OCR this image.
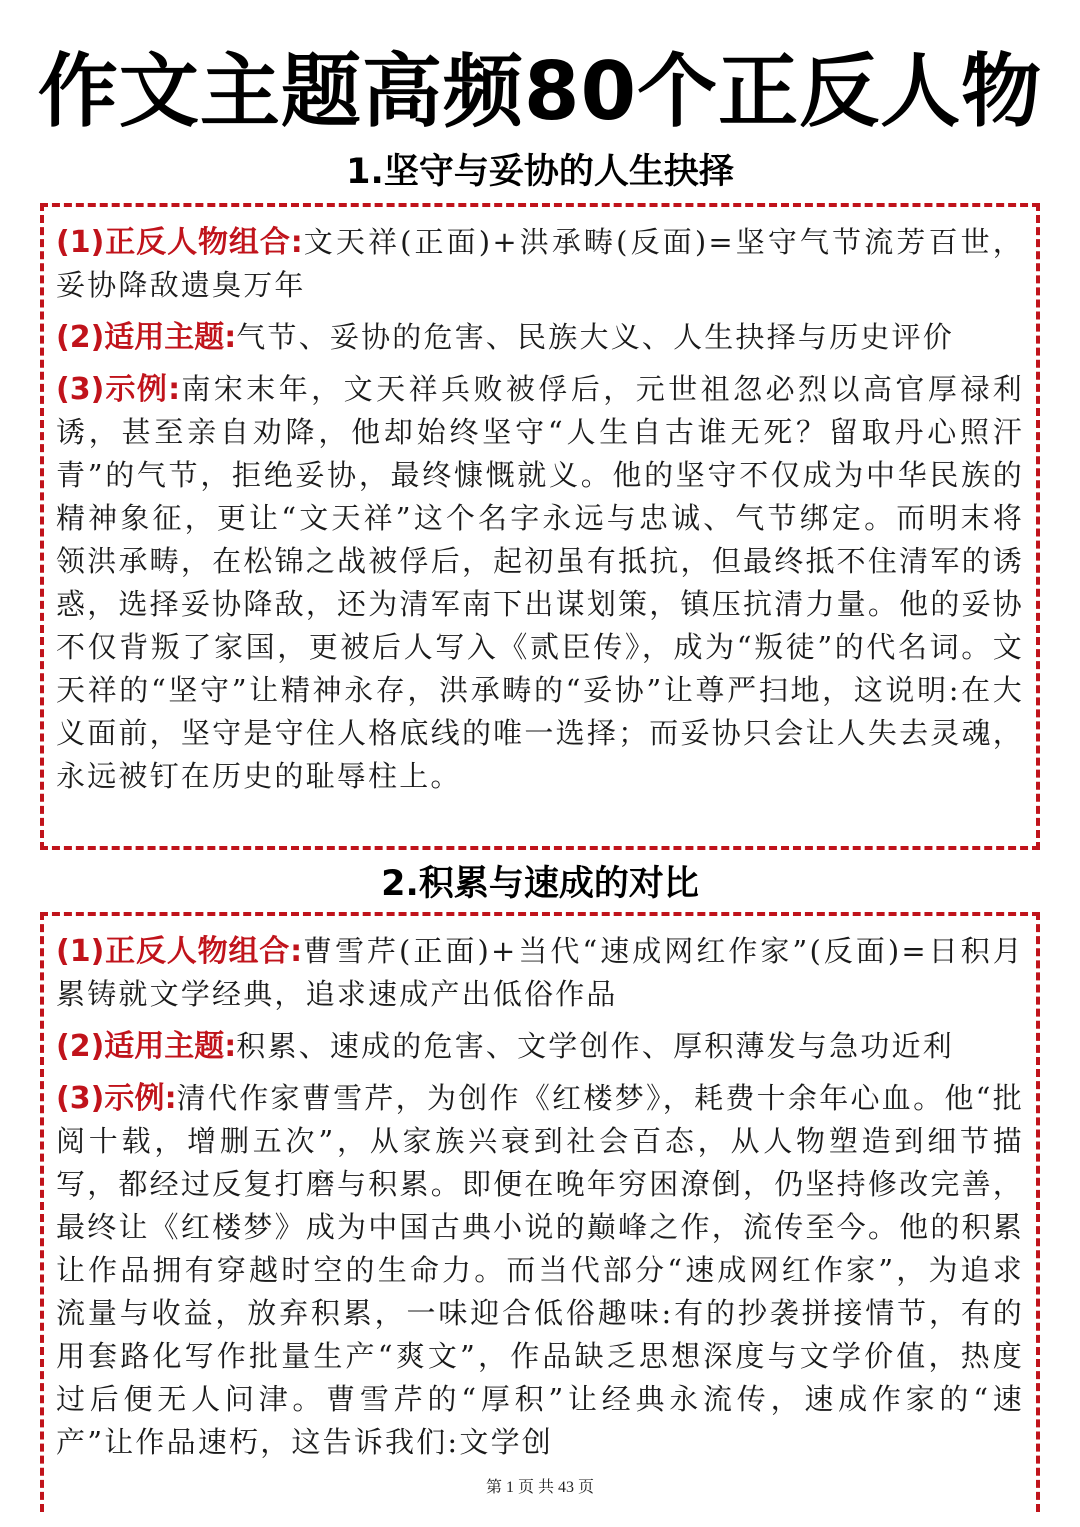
作文主题高频80个正反人物
1.坚守与妥协的人生抉择

(1)正反人物组合:文天祥(正面)+洪承畴(反面)=坚守气节流芳百世，妥协降敌遗臭万年

(2)适用主题:气节、妥协的危害、民族大义、人生抉择与历史评价

(3)示例:南宋末年，文天祥兵败被俘后，元世祖忽必烈以高官厚禄利诱，甚至亲自劝降，他却始终坚守“人生自古谁无死？留取丹心照汗青”的气节，拒绝妥协，最终慷慨就义。他的坚守不仅成为中华民族的精神象征，更让“文天祥”这个名字永远与忠诚、气节绑定。而明末将领洪承畴，在松锦之战被俘后，起初虽有抵抗，但最终抵不住清军的诱惑，选择妥协降敌，还为清军南下出谋划策，镇压抗清力量。他的妥协不仅背叛了家国，更被后人写入《贰臣传》，成为“叛徒”的代名词。文天祥的“坚守”让精神永存，洪承畴的“妥协”让尊严扫地，这说明:在大义面前，坚守是守住人格底线的唯一选择；而妥协只会让人失去灵魂，永远被钉在历史的耻辱柱上。

2.积累与速成的对比

(1)正反人物组合:曹雪芹(正面)+当代“速成网红作家”(反面)=日积月累铸就文学经典，追求速成产出低俗作品

(2)适用主题:积累、速成的危害、文学创作、厚积薄发与急功近利

(3)示例:清代作家曹雪芹，为创作《红楼梦》，耗费十余年心血。他“批阅十载，增删五次”，从家族兴衰到社会百态，从人物塑造到细节描写，都经过反复打磨与积累。即便在晚年穷困潦倒，仍坚持修改完善，最终让《红楼梦》成为中国古典小说的巅峰之作，流传至今。他的积累让作品拥有穿越时空的生命力。而当代部分“速成网红作家”，为追求流量与收益，放弃积累，一味迎合低俗趣味:有的抄袭拼接情节，有的用套路化写作批量生产“爽文”，作品缺乏思想深度与文学价值，热度过后便无人问津。曹雪芹的“厚积”让经典永流传，速成作家的“速产”让作品速朽，这告诉我们:文学创

第 1 页 共 43 页
